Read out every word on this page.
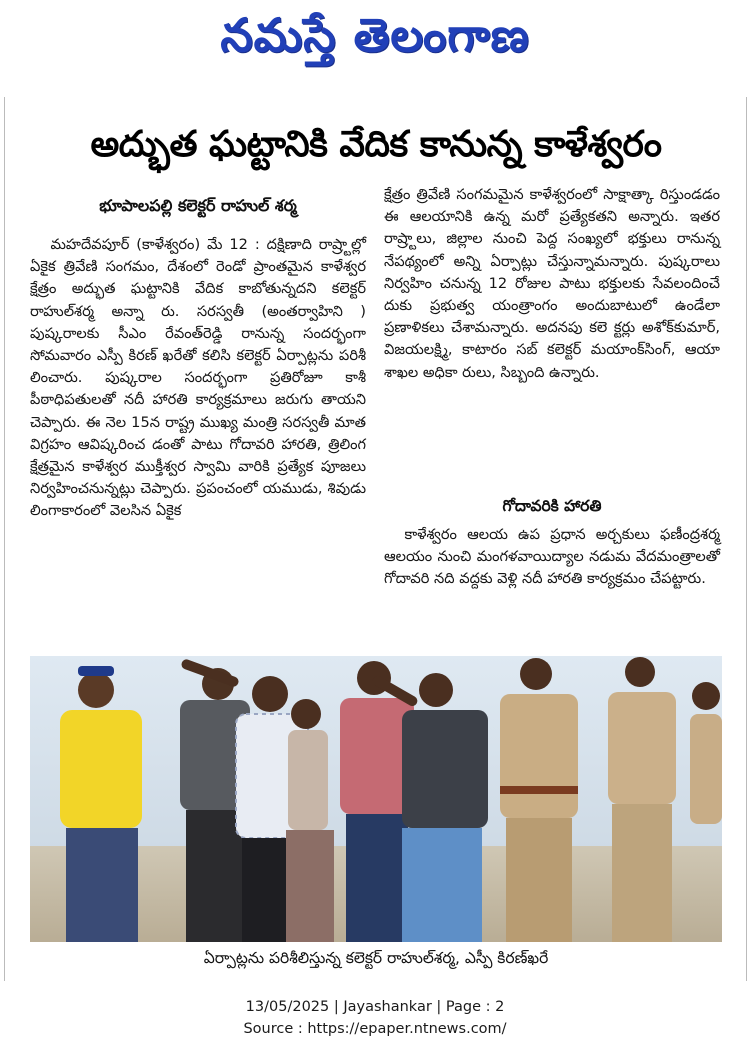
నమస్తే తెలంగాణ
అద్భుత ఘట్టానికి వేదిక కానున్న కాళేశ్వరం
భూపాలపల్లి కలెక్టర్ రాహుల్ శర్మ

మహదేవపూర్ (కాళేశ్వరం) మే 12 : దక్షిణాది రాష్ర్టాల్లో ఏకైక త్రివేణి సంగమం, దేశంలో రెండో ప్రాంతమైన కాళేశ్వర క్షేత్రం అద్భుత ఘట్టానికి వేదిక కాబోతున్నదని కలెక్టర్ రాహుల్‌శర్మ అన్నా రు. సరస్వతీ (అంతర్వాహిని ) పుష్కరాలకు సీఎం రేవంత్‌రెడ్డి రానున్న సందర్భంగా సోమవారం ఎస్పీ కిరణ్ ఖరేతో కలిసి కలెక్టర్ ఏర్పాట్లను పరిశీ లించారు. పుష్కరాల సందర్భంగా ప్రతిరోజూ కాశీ పీఠాధిపతులతో నదీ హారతి కార్యక్రమాలు జరుగు తాయని చెప్పారు. ఈ నెల 15న రాష్ట్ర ముఖ్య మంత్రి సరస్వతీ మాత విగ్రహం ఆవిష్కరించ డంతో పాటు గోదావరి హారతి, త్రిలింగ క్షేత్రమైన కాళేశ్వర ముక్తీశ్వర స్వామి వారికి ప్రత్యేక పూజలు నిర్వహించనున్నట్లు చెప్పారు. ప్రపంచంలో యముడు, శివుడు లింగాకారంలో వెలసిన ఏకైక

క్షేత్రం త్రివేణి సంగమమైన కాళేశ్వరంలో సాక్షాత్కా రిస్తుండడం ఈ ఆలయానికి ఉన్న మరో ప్రత్యేకతని అన్నారు. ఇతర రాష్ర్టాలు, జిల్లాల నుంచి పెద్ద సంఖ్యలో భక్తులు రానున్న నేపథ్యంలో అన్ని ఏర్పాట్లు చేస్తున్నామన్నారు. పుష్కరాలు నిర్వహిం చనున్న 12 రోజుల పాటు భక్తులకు సేవలందించే దుకు ప్రభుత్వ యంత్రాంగం అందుబాటులో ఉండేలా ప్రణాళికలు చేశామన్నారు. అదనపు కలె క్టర్లు అశోక్‌కుమార్, విజయలక్ష్మి, కాటారం సబ్ కలెక్టర్ మయాంక్‌సింగ్, ఆయా శాఖల అధికా రులు, సిబ్బంది ఉన్నారు.

గోదావరికి హారతి

కాళేశ్వరం ఆలయ ఉప ప్రధాన అర్చకులు ఫణీంద్రశర్మ ఆలయం నుంచి మంగళవాయిద్యాల నడుమ వేదమంత్రాలతో గోదావరి నది వద్దకు వెళ్లి నదీ హారతి కార్యక్రమం చేపట్టారు.

ఏర్పాట్లను పరిశీలిస్తున్న కలెక్టర్ రాహుల్‌శర్మ, ఎస్పీ కిరణ్‌ఖరే
13/05/2025 | Jayashankar | Page : 2
Source : https://epaper.ntnews.com/
